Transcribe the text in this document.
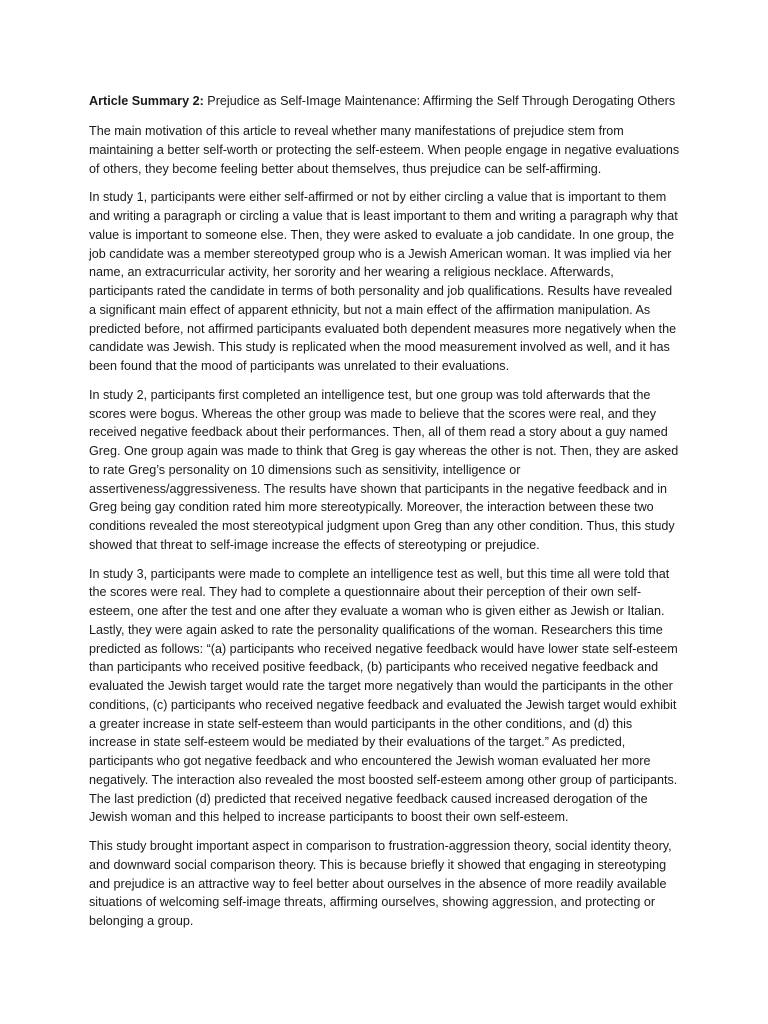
Article Summary 2: Prejudice as Self-Image Maintenance: Affirming the Self Through Derogating Others

The main motivation of this article to reveal whether many manifestations of prejudice stem from maintaining a better self-worth or protecting the self-esteem. When people engage in negative evaluations of others, they become feeling better about themselves, thus prejudice can be self-affirming.

In study 1, participants were either self-affirmed or not by either circling a value that is important to them and writing a paragraph or circling a value that is least important to them and writing a paragraph why that value is important to someone else. Then, they were asked to evaluate a job candidate. In one group, the job candidate was a member stereotyped group who is a Jewish American woman. It was implied via her name, an extracurricular activity, her sorority and her wearing a religious necklace. Afterwards, participants rated the candidate in terms of both personality and job qualifications. Results have revealed a significant main effect of apparent ethnicity, but not a main effect of the affirmation manipulation. As predicted before, not affirmed participants evaluated both dependent measures more negatively when the candidate was Jewish. This study is replicated when the mood measurement involved as well, and it has been found that the mood of participants was unrelated to their evaluations.

In study 2, participants first completed an intelligence test, but one group was told afterwards that the scores were bogus. Whereas the other group was made to believe that the scores were real, and they received negative feedback about their performances. Then, all of them read a story about a guy named Greg. One group again was made to think that Greg is gay whereas the other is not. Then, they are asked to rate Greg’s personality on 10 dimensions such as sensitivity, intelligence or assertiveness/aggressiveness. The results have shown that participants in the negative feedback and in Greg being gay condition rated him more stereotypically. Moreover, the interaction between these two conditions revealed the most stereotypical judgment upon Greg than any other condition. Thus, this study showed that threat to self-image increase the effects of stereotyping or prejudice.

In study 3, participants were made to complete an intelligence test as well, but this time all were told that the scores were real. They had to complete a questionnaire about their perception of their own self-esteem, one after the test and one after they evaluate a woman who is given either as Jewish or Italian. Lastly, they were again asked to rate the personality qualifications of the woman. Researchers this time predicted as follows: “(a) participants who received negative feedback would have lower state self-esteem than participants who received positive feedback, (b) participants who received negative feedback and evaluated the Jewish target would rate the target more negatively than would the participants in the other conditions, (c) participants who received negative feedback and evaluated the Jewish target would exhibit a greater increase in state self-esteem than would participants in the other conditions, and (d) this increase in state self-esteem would be mediated by their evaluations of the target.” As predicted, participants who got negative feedback and who encountered the Jewish woman evaluated her more negatively. The interaction also revealed the most boosted self-esteem among other group of participants. The last prediction (d) predicted that received negative feedback caused increased derogation of the Jewish woman and this helped to increase participants to boost their own self-esteem.

This study brought important aspect in comparison to frustration-aggression theory, social identity theory, and downward social comparison theory. This is because briefly it showed that engaging in stereotyping and prejudice is an attractive way to feel better about ourselves in the absence of more readily available situations of welcoming self-image threats, affirming ourselves, showing aggression, and protecting or belonging a group.
